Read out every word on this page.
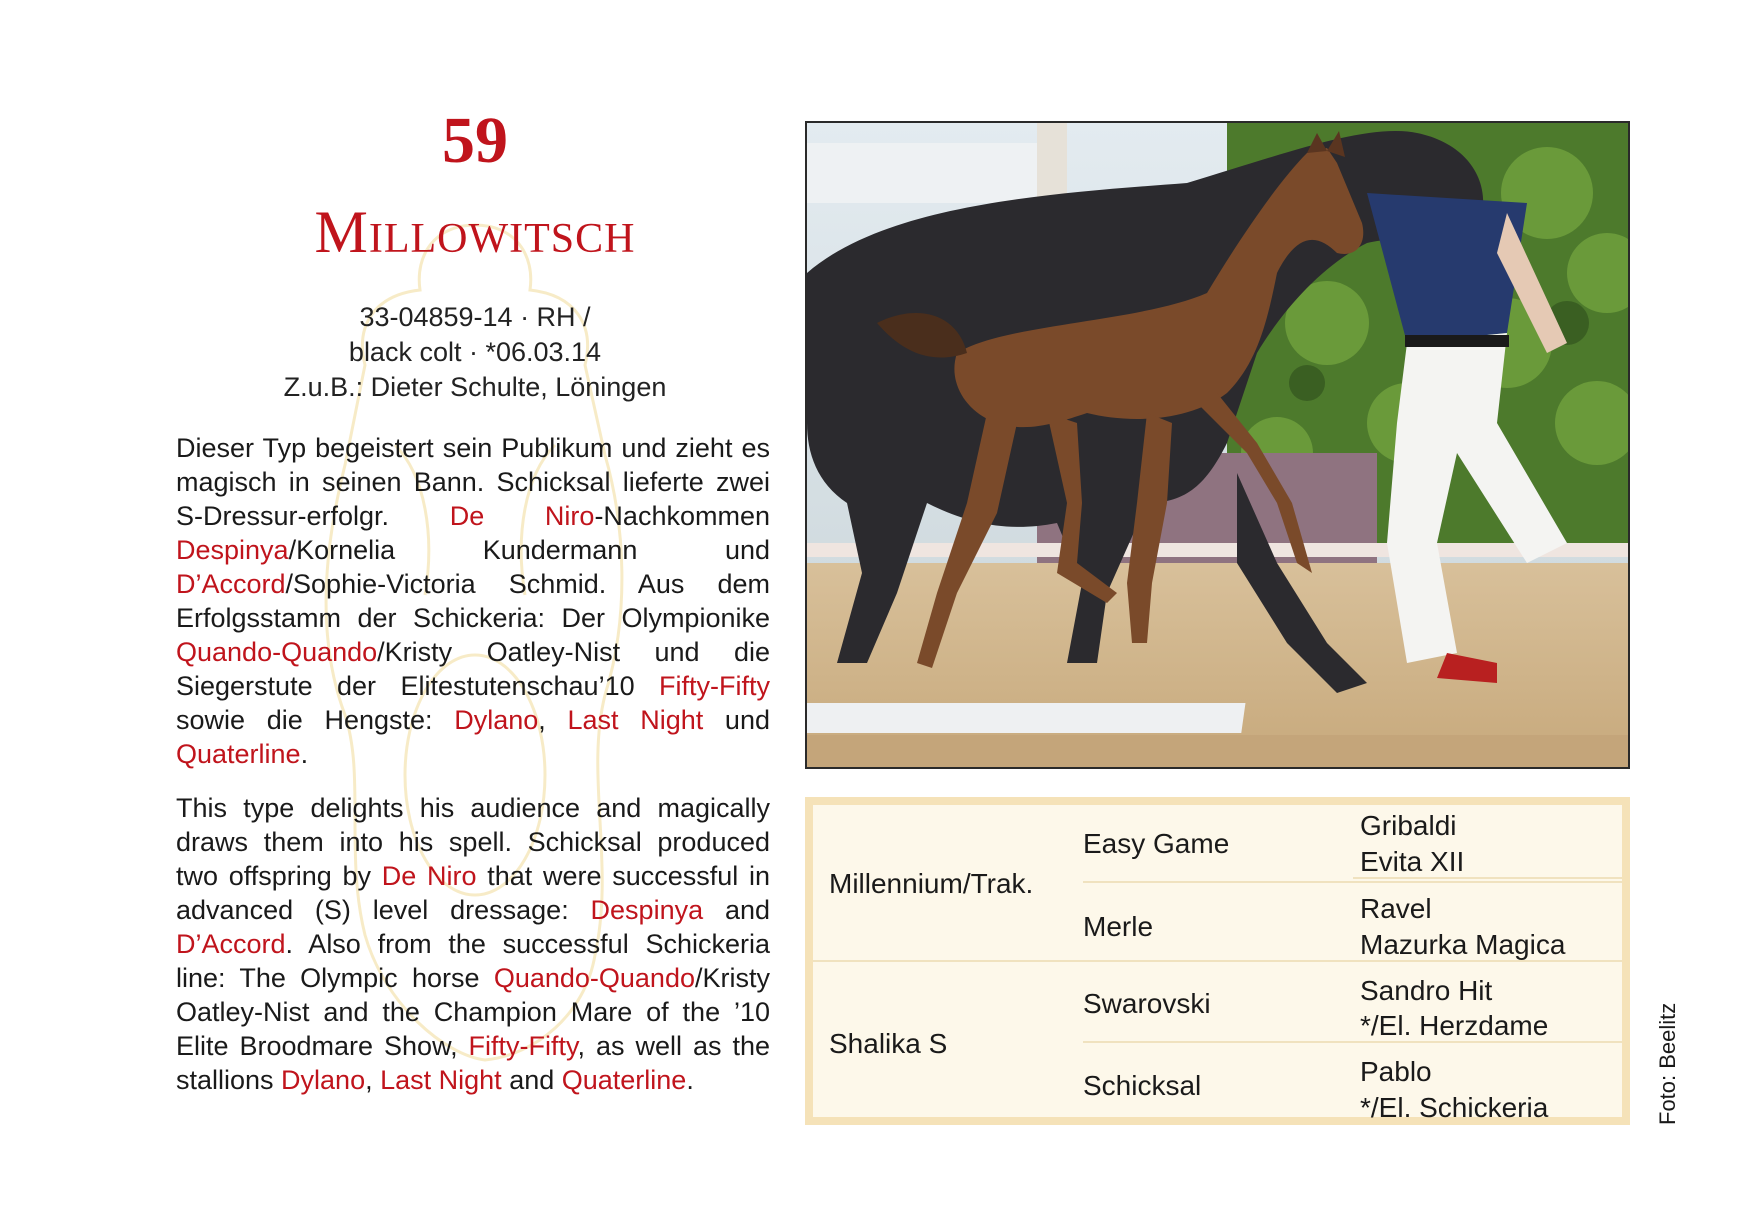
59
Millowitsch
33-04859-14 · RH /
black colt · *06.03.14
Z.u.B.: Dieter Schulte, Löningen

Dieser Typ begeistert sein Publikum und zieht es magisch in seinen Bann. Schicksal lieferte zwei S-Dressur-erfolgr. De Niro-Nachkommen Despinya/Kornelia Kundermann und D’Accord/Sophie-Victoria Schmid. Aus dem Erfolgsstamm der Schickeria: Der Olympionike Quando-Quando/Kristy Oatley-Nist und die Siegerstute der Elitestutenschau’10 Fifty-Fifty sowie die Hengste: Dylano, Last Night und Quaterline.

This type delights his audience and magically draws them into his spell. Schicksal produced two offspring by De Niro that were successful in advanced (S) level dressage: Despinya and D’Accord. Also from the successful Schickeria line: The Olympic horse Quando-Quando/Kristy Oatley-Nist and the Champion Mare of the ’10 Elite Broodmare Show, Fifty-Fifty, as well as the stallions Dylano, Last Night and Quaterline.

Millennium/Trak.
Shalika S
Easy Game
Merle
Swarovski
Schicksal
Gribaldi
Evita XII
Ravel
Mazurka Magica
Sandro Hit
*/El. Herzdame
Pablo
*/El. Schickeria	Foto: Beelitz
